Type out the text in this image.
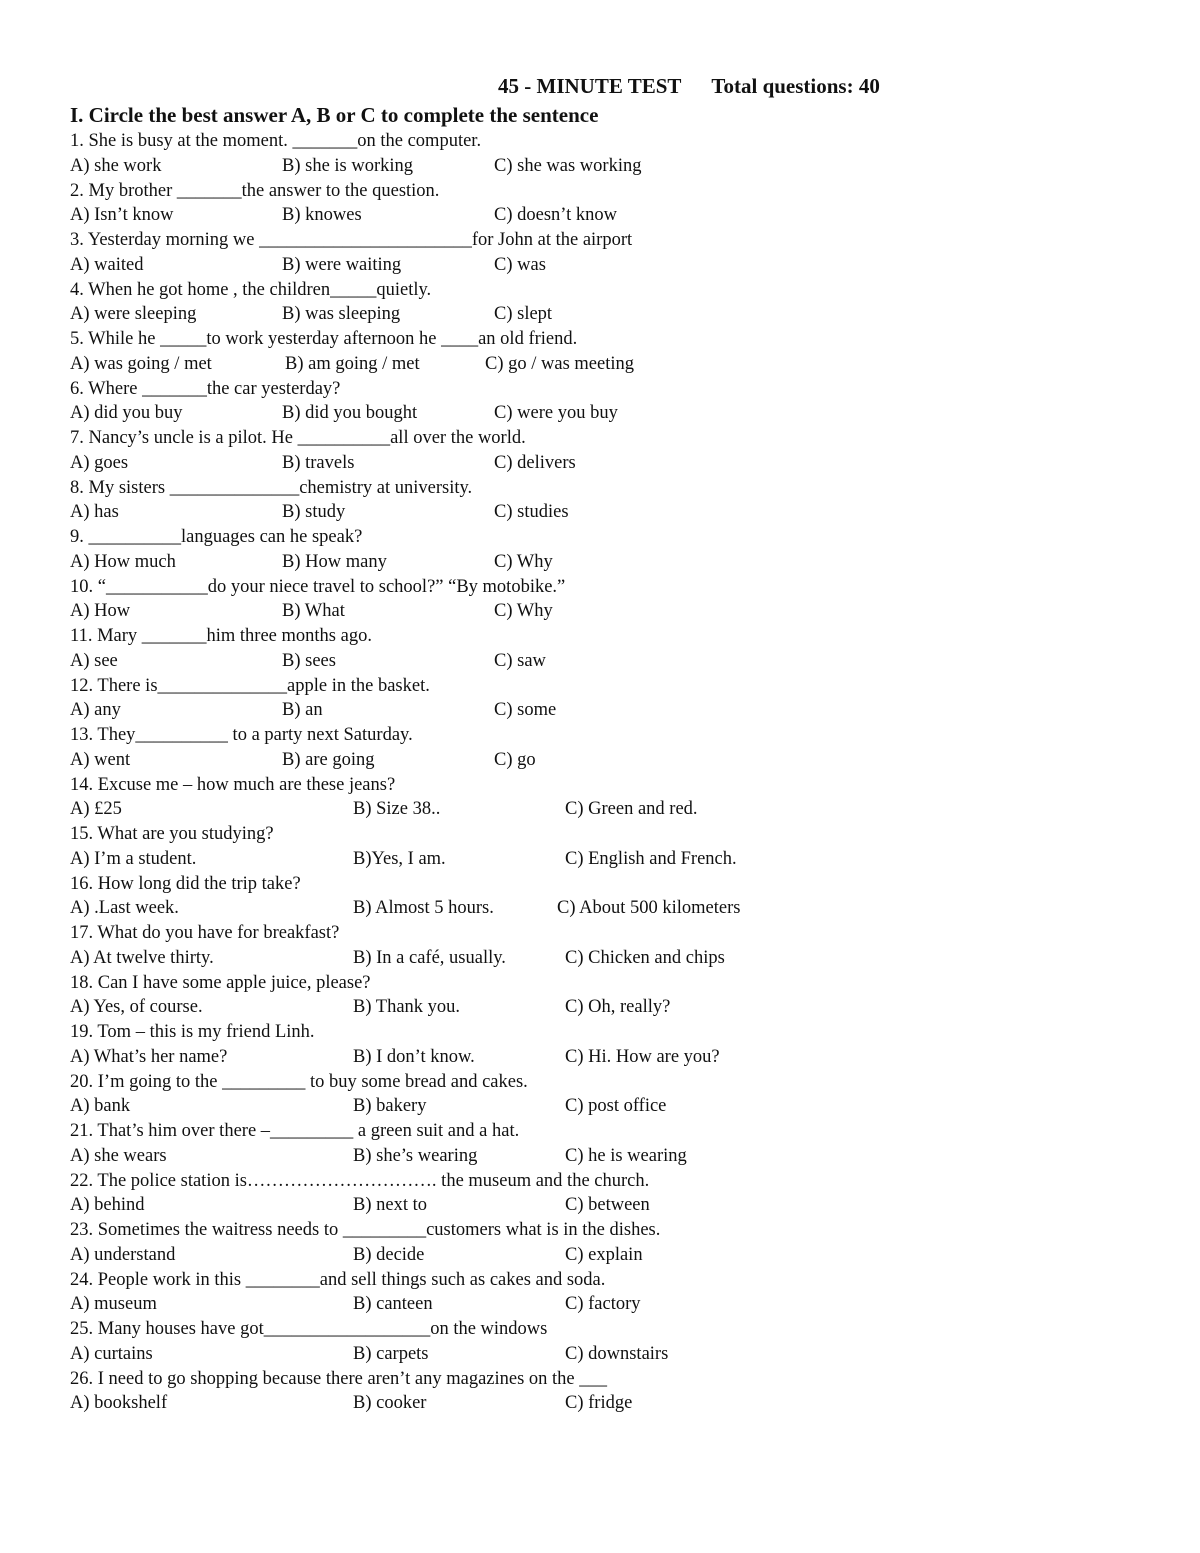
45 - MINUTE TEST Total questions: 40
I. Circle the best answer A, B or C to complete the sentence
1. She is busy at the moment. _______on the computer.
A) she work	B) she is working	C) she was working
2. My brother _______the answer to the question.
A) Isn’t know	B) knowes	C) doesn’t know
3. Yesterday morning we _______________________for John at the airport
A) waited	B) were waiting	C) was
4. When he got home , the children_____quietly.
A) were sleeping	B) was sleeping	C) slept
5. While he _____to work yesterday afternoon he ____an old friend.
A) was going / met	B) am going / met	C) go / was meeting
6. Where _______the car yesterday?
A) did you buy	B) did you bought	C) were you buy
7. Nancy’s uncle is a pilot. He __________all over the world.
A) goes	B) travels	C) delivers
8. My sisters ______________chemistry at university.
A) has	B) study	C) studies
9. __________languages can he speak?
A) How much	B) How many	C) Why
10. “___________do your niece travel to school?” “By motobike.”
A) How	B) What	C) Why
11. Mary _______him three months ago.
A) see	B) sees	C) saw
12. There is______________apple in the basket.
A) any	B) an	C) some
13. They__________ to a party next Saturday.
A) went	B) are going	C) go
14. Excuse me – how much are these jeans?
A) £25	B) Size 38..	C) Green and red.
15. What are you studying?
A) I’m a student.	B)Yes, I am.	C) English and French.
16. How long did the trip take?
A) .Last week.	B) Almost 5 hours.	C) About 500 kilometers
17. What do you have for breakfast?
A) At twelve thirty.	B) In a café, usually.	C) Chicken and chips
18. Can I have some apple juice, please?
A) Yes, of course.	B) Thank you.	C) Oh, really?
19. Tom – this is my friend Linh.
A) What’s her name?	B) I don’t know.	C) Hi. How are you?
20. I’m going to the _________ to buy some bread and cakes.
A) bank	B) bakery	C) post office
21. That’s him over there –_________ a green suit and a hat.
A) she wears	B) she’s wearing	C) he is wearing
22. The police station is…………………………. the museum and the church.
A) behind	B) next to	C) between
23. Sometimes the waitress needs to _________customers what is in the dishes.
A) understand	B) decide	C) explain
24. People work in this ________and sell things such as cakes and soda.
A) museum	B) canteen	C) factory
25. Many houses have got__________________on the windows
A) curtains	B) carpets	C) downstairs
26. I need to go shopping because there aren’t any magazines on the ___
A) bookshelf	B) cooker	C) fridge
